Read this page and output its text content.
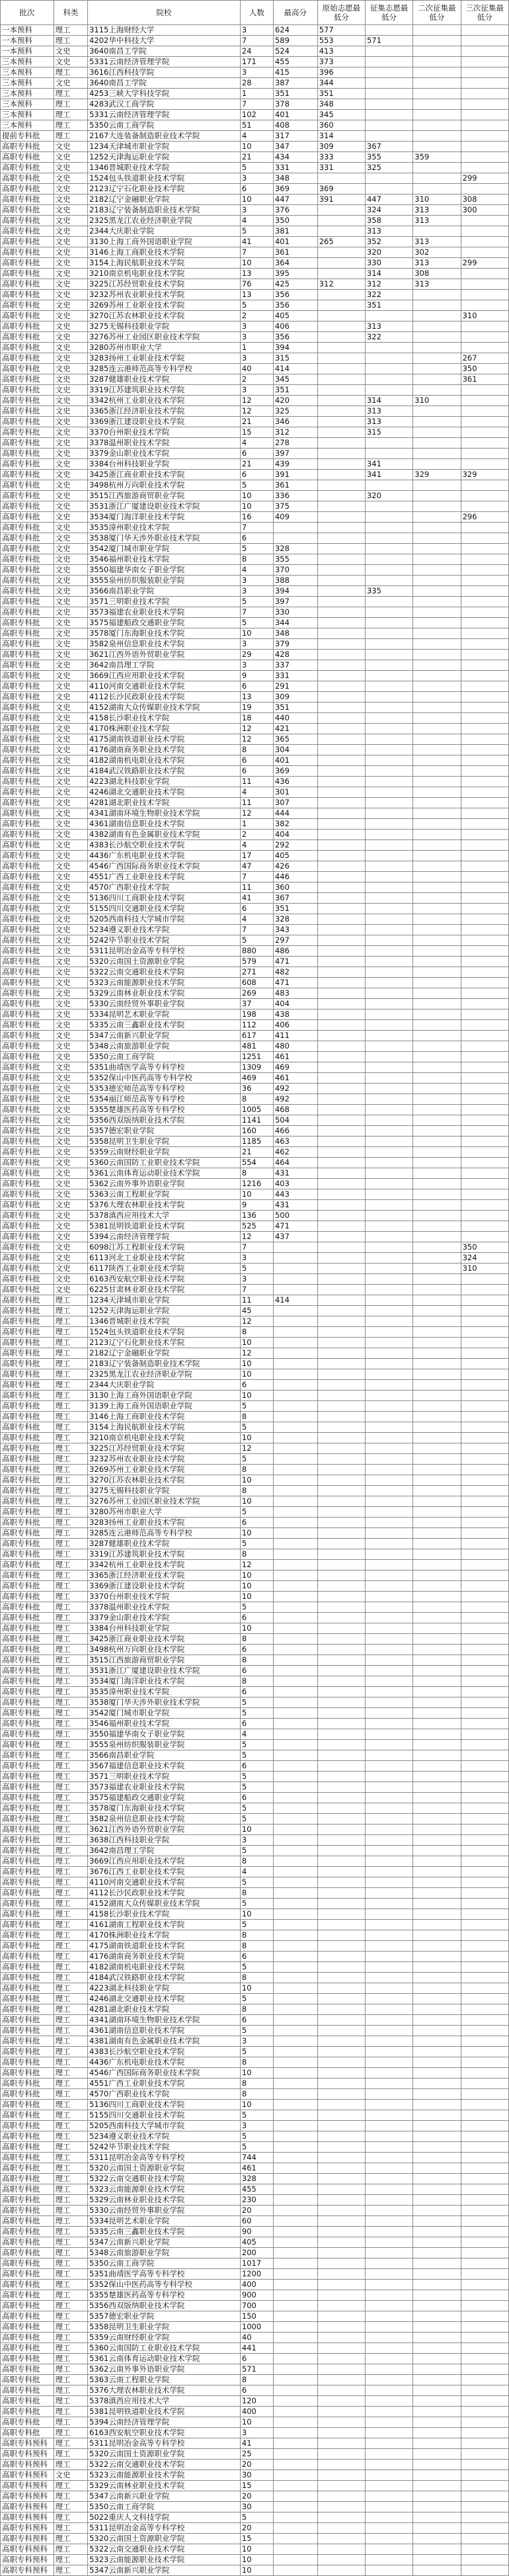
批次	科类	院校	人数	最高分	原始志愿最低分	征集志愿最低分	二次征集最低分	三次征集最低分
一本预科	理工	3115上海财经大学	3	624	577			
一本预科	理工	4202华中科技大学	7	589	553	571		
一本预科	文史	3640南昌工学院	24	524	413			
三本预科	文史	5331云南经济管理学院	171	455	373			
三本预科	理工	3616江西科技学院	3	415	396			
三本预科	文史	3640南昌工学院	28	387	344			
三本预科	理工	4253三峡大学科技学院	1	351	351			
三本预科	理工	4283武汉工商学院	7	378	348			
三本预科	理工	5331云南经济管理学院	102	401	345			
三本预科	理工	5350云南工商学院	51	408	360			
提前专科批	理工	2167大连装备制造职业技术学院	4	317	314			
高职专科批	文史	1234天津城市职业学院	10	347	309	367		
高职专科批	文史	1252天津海运职业学院	21	434	333	355	359	
高职专科批	文史	1346晋城职业技术学院	5	331	331	325		
高职专科批	文史	1524包头铁道职业技术学院	3	348				299
高职专科批	文史	2123辽宁石化职业技术学院	6	369	369			
高职专科批	文史	2182辽宁金融职业学院	10	447	391	447	310	308
高职专科批	文史	2183辽宁装备制造职业技术学院	3	376		324	313	300
高职专科批	文史	2325黑龙江农业经济职业学院	4	350		358	313	
高职专科批	文史	2344大庆职业学院	5	381		313		
高职专科批	文史	3130上海工商外国语职业学院	41	401	265	352	313	
高职专科批	文史	3146上海工商职业技术学院	7	361		320	302	
高职专科批	文史	3154上海民航职业技术学院	10	364		330	313	299
高职专科批	文史	3210南京机电职业技术学院	13	395		314	308	
高职专科批	文史	3225江苏经贸职业技术学院	76	425	312	312	313	
高职专科批	文史	3232苏州农业职业技术学院	13	356		322		
高职专科批	文史	3269苏州工业职业技术学院	5	356		351		
高职专科批	文史	3270江苏农林职业技术学院	2	405				310
高职专科批	文史	3275无锡科技职业学院	3	406		313		
高职专科批	文史	3276苏州工业园区职业技术学院	3	356		322		
高职专科批	文史	3280苏州市职业大学	1	394				
高职专科批	文史	3283扬州工业职业技术学院	3	315				267
高职专科批	文史	3285连云港师范高等专科学校	40	414				350
高职专科批	文史	3287健雄职业技术学院	2	345				361
高职专科批	文史	3319江苏建筑职业技术学院	3	351				
高职专科批	文史	3342杭州工业职业技术学院	12	420		314	310	
高职专科批	文史	3365浙江经济职业技术学院	12	325		313		
高职专科批	文史	3369浙江建设职业技术学院	21	346		313		
高职专科批	文史	3370台州职业技术学院	15	312		315		
高职专科批	文史	3378温州职业技术学院	4	278				
高职专科批	文史	3379金山职业技术学院	6	397				
高职专科批	文史	3384台州科技职业学院	21	439		341		
高职专科批	文史	3425浙江商业职业技术学院	6	391		341	329	329
高职专科批	文史	3498杭州万向职业技术学院	5	361				
高职专科批	文史	3515江西旅游商贸职业学院	10	336		320		
高职专科批	文史	3531浙江广厦建设职业技术学院	10	375				
高职专科批	文史	3534厦门海洋职业技术学院	16	409				296
高职专科批	文史	3535漳州职业技术学院	7					
高职专科批	文史	3538厦门华天涉外职业技术学院	6					
高职专科批	文史	3542厦门城市职业学院	5	328				
高职专科批	文史	3546福州职业技术学院	8	355				
高职专科批	文史	3550福建华南女子职业学院	4	370				
高职专科批	文史	3555泉州纺织服装职业学院	3	388				
高职专科批	文史	3566南昌职业学院	3	394		335		
高职专科批	文史	3571三明职业技术学院	5	397				
高职专科批	文史	3573福建农业职业技术学院	7	330				
高职专科批	文史	3575福建船政交通职业学院	5	344				
高职专科批	文史	3578厦门东海职业技术学院	10	348				
高职专科批	文史	3582泉州信息职业技术学院	3	379				
高职专科批	文史	3621江西外语外贸职业学院	29	428				
高职专科批	文史	3642南昌理工学院	3	337				
高职专科批	文史	3669江西应用职业技术学院	9	331				
高职专科批	文史	4110河南交通职业技术学院	6	291				
高职专科批	文史	4112长沙民政职业技术学院	13	309				
高职专科批	文史	4152湖南大众传媒职业技术学院	19	351				
高职专科批	文史	4158长沙职业技术学院	18	440				
高职专科批	文史	4170株洲职业技术学院	12	421				
高职专科批	文史	4175湖南铁道职业技术学院	12	365				
高职专科批	文史	4176湖南商务职业技术学院	8	304				
高职专科批	文史	4182湖南机电职业技术学院	6	401				
高职专科批	文史	4184武汉铁路职业技术学院	6	369				
高职专科批	文史	4223湖北科技职业学院	11	436				
高职专科批	文史	4246湖北交通职业技术学院	4	301				
高职专科批	文史	4281湖北职业技术学院	11	307				
高职专科批	文史	4341湖南环境生物职业技术学院	12	444				
高职专科批	文史	4361湖南信息职业技术学院	1	382				
高职专科批	文史	4382湖南有色金属职业技术学院	2	404				
高职专科批	文史	4383长沙航空职业技术学院	4	292				
高职专科批	文史	4436广东机电职业技术学院	17	405				
高职专科批	文史	4546广西国际商务职业技术学院	47	426				
高职专科批	文史	4551广西工业职业技术学院	7	446				
高职专科批	文史	4570广西职业技术学院	11	360				
高职专科批	文史	5136四川工商职业技术学院	41	367				
高职专科批	文史	5155四川交通职业技术学院	6	351				
高职专科批	文史	5205西南科技大学城市学院	4	328				
高职专科批	文史	5234遵义职业技术学院	7	343				
高职专科批	文史	5242毕节职业技术学院	5	297				
高职专科批	文史	5311昆明冶金高等专科学校	880	486				
高职专科批	文史	5320云南国土资源职业学院	579	471				
高职专科批	文史	5322云南交通职业技术学院	271	482				
高职专科批	文史	5323云南能源职业技术学院	608	471				
高职专科批	文史	5329云南林业职业技术学院	269	483				
高职专科批	文史	5330云南经贸外事职业学院	37	404				
高职专科批	文史	5334昆明艺术职业学院	198	438				
高职专科批	文史	5335云南三鑫职业技术学院	112	406				
高职专科批	文史	5347云南新兴职业学院	617	411				
高职专科批	文史	5348云南旅游职业学院	481	480				
高职专科批	文史	5350云南工商学院	1251	461				
高职专科批	文史	5351曲靖医学高等专科学校	1309	469				
高职专科批	文史	5352保山中医药高等专科学校	469	461				
高职专科批	文史	5353德宏师范高等专科学校	36	492				
高职专科批	文史	5354丽江师范高等专科学校	8	492				
高职专科批	文史	5355楚雄医药高等专科学校	1005	468				
高职专科批	文史	5356西双版纳职业技术学院	1141	504				
高职专科批	文史	5357德宏职业学院	160	466				
高职专科批	文史	5358昆明卫生职业学院	1185	463				
高职专科批	文史	5359云南财经职业学院	21	462				
高职专科批	文史	5360云南国防工业职业技术学院	554	464				
高职专科批	文史	5361云南体育运动职业技术学院	8	431				
高职专科批	文史	5362云南外事外语职业学院	1216	403				
高职专科批	文史	5363云南工程职业学院	10	443				
高职专科批	文史	5376大理农林职业技术学院	9	431				
高职专科批	文史	5378滇西应用技术大学	136	500				
高职专科批	文史	5381昆明铁道职业技术学院	525	471				
高职专科批	文史	5394云南经济管理学院	12	437				
高职专科批	文史	6098江苏工程职业技术学院	7					350
高职专科批	文史	6113河北工业职业技术学院	3					324
高职专科批	文史	6117陕西工业职业技术学院	5					310
高职专科批	文史	6163西安航空职业技术学院	3					
高职专科批	文史	6225甘肃林业职业技术学院	7					
高职专科批	理工	1234天津城市职业学院	11	414				
高职专科批	理工	1252天津海运职业学院	45					
高职专科批	理工	1346晋城职业技术学院	12					
高职专科批	理工	1524包头铁道职业技术学院	8					
高职专科批	理工	2123辽宁石化职业技术学院	10					
高职专科批	理工	2182辽宁金融职业学院	12					
高职专科批	理工	2183辽宁装备制造职业技术学院	10					
高职专科批	理工	2325黑龙江农业经济职业学院	10					
高职专科批	理工	2344大庆职业学院	6					
高职专科批	理工	3130上海工商外国语职业学院	10					
高职专科批	理工	3139上海工商外国语职业学院	5					
高职专科批	理工	3146上海工商职业技术学院	8					
高职专科批	理工	3154上海民航职业技术学院	5					
高职专科批	理工	3210南京机电职业技术学院	10					
高职专科批	理工	3225江苏经贸职业技术学院	12					
高职专科批	理工	3232苏州农业职业技术学院	5					
高职专科批	理工	3269苏州工业职业技术学院	8					
高职专科批	理工	3270江苏农林职业技术学院	10					
高职专科批	理工	3275无锡科技职业学院	8					
高职专科批	理工	3276苏州工业园区职业技术学院	10					
高职专科批	理工	3280苏州市职业大学	5					
高职专科批	理工	3283扬州工业职业技术学院	6					
高职专科批	理工	3285连云港师范高等专科学校	10					
高职专科批	理工	3287健雄职业技术学院	5					
高职专科批	理工	3319江苏建筑职业技术学院	8					
高职专科批	理工	3342杭州工业职业技术学院	12					
高职专科批	理工	3365浙江经济职业技术学院	10					
高职专科批	理工	3369浙江建设职业技术学院	10					
高职专科批	理工	3370台州职业技术学院	10					
高职专科批	理工	3378温州职业技术学院	5					
高职专科批	理工	3379金山职业技术学院	6					
高职专科批	理工	3384台州科技职业学院	10					
高职专科批	理工	3425浙江商业职业技术学院	8					
高职专科批	理工	3498杭州万向职业技术学院	6					
高职专科批	理工	3515江西旅游商贸职业学院	8					
高职专科批	理工	3531浙江广厦建设职业技术学院	6					
高职专科批	理工	3534厦门海洋职业技术学院	8					
高职专科批	理工	3535漳州职业技术学院	6					
高职专科批	理工	3538厦门华天涉外职业技术学院	5					
高职专科批	理工	3542厦门城市职业学院	5					
高职专科批	理工	3546福州职业技术学院	6					
高职专科批	理工	3550福建华南女子职业学院	4					
高职专科批	理工	3555泉州纺织服装职业学院	5					
高职专科批	理工	3566南昌职业学院	5					
高职专科批	理工	3567福建信息职业技术学院	6					
高职专科批	理工	3571三明职业技术学院	5					
高职专科批	理工	3573福建农业职业技术学院	5					
高职专科批	理工	3575福建船政交通职业学院	6					
高职专科批	理工	3578厦门东海职业技术学院	5					
高职专科批	理工	3582泉州信息职业技术学院	5					
高职专科批	理工	3621江西外语外贸职业学院	10					
高职专科批	理工	3638江西科技职业学院	3					
高职专科批	理工	3642南昌理工学院	5					
高职专科批	理工	3669江西应用职业技术学院	8					
高职专科批	理工	3676江西工业职业技术学院	4					
高职专科批	理工	4110河南交通职业技术学院	5					
高职专科批	理工	4112长沙民政职业技术学院	8					
高职专科批	理工	4152湖南大众传媒职业技术学院	5					
高职专科批	理工	4158长沙职业技术学院	10					
高职专科批	理工	4161湖南工程职业技术学院	5					
高职专科批	理工	4170株洲职业技术学院	8					
高职专科批	理工	4175湖南铁道职业技术学院	8					
高职专科批	理工	4176湖南商务职业技术学院	6					
高职专科批	理工	4182湖南机电职业技术学院	5					
高职专科批	理工	4184武汉铁路职业技术学院	8					
高职专科批	理工	4223湖北科技职业学院	10					
高职专科批	理工	4246湖北交通职业技术学院	5					
高职专科批	理工	4281湖北职业技术学院	8					
高职专科批	理工	4341湖南环境生物职业技术学院	6					
高职专科批	理工	4361湖南信息职业技术学院	5					
高职专科批	理工	4381湖南有色金属职业技术学院	3					
高职专科批	理工	4383长沙航空职业技术学院	5					
高职专科批	理工	4436广东机电职业技术学院	8					
高职专科批	理工	4546广西国际商务职业技术学院	10					
高职专科批	理工	4551广西工业职业技术学院	8					
高职专科批	理工	4570广西职业技术学院	8					
高职专科批	理工	5136四川工商职业技术学院	10					
高职专科批	理工	5155四川交通职业技术学院	5					
高职专科批	理工	5205西南科技大学城市学院	3					
高职专科批	理工	5234遵义职业技术学院	5					
高职专科批	理工	5242毕节职业技术学院	5					
高职专科批	理工	5311昆明冶金高等专科学校	744					
高职专科批	理工	5320云南国土资源职业学院	461					
高职专科批	理工	5322云南交通职业技术学院	328					
高职专科批	理工	5323云南能源职业技术学院	455					
高职专科批	理工	5329云南林业职业技术学院	230					
高职专科批	理工	5330云南经贸外事职业学院	20					
高职专科批	理工	5334昆明艺术职业学院	60					
高职专科批	理工	5335云南三鑫职业技术学院	90					
高职专科批	理工	5347云南新兴职业学院	405					
高职专科批	理工	5348云南旅游职业学院	200					
高职专科批	理工	5350云南工商学院	1017					
高职专科批	理工	5351曲靖医学高等专科学校	1200					
高职专科批	理工	5352保山中医药高等专科学校	400					
高职专科批	理工	5355楚雄医药高等专科学校	900					
高职专科批	理工	5356西双版纳职业技术学院	700					
高职专科批	理工	5357德宏职业学院	150					
高职专科批	理工	5358昆明卫生职业学院	1000					
高职专科批	理工	5359云南财经职业学院	40					
高职专科批	理工	5360云南国防工业职业技术学院	441					
高职专科批	理工	5361云南体育运动职业技术学院	6					
高职专科批	理工	5362云南外事外语职业学院	571					
高职专科批	理工	5363云南工程职业学院	8					
高职专科批	理工	5376大理农林职业技术学院	6					
高职专科批	理工	5378滇西应用技术大学	120					
高职专科批	理工	5381昆明铁道职业技术学院	400					
高职专科批	理工	5394云南经济管理学院	10					
高职专科批	理工	6163西安航空职业技术学院	3					
高职专科预科	理工	5311昆明冶金高等专科学校	41					
高职专科预科	理工	5320云南国土资源职业学院	25					
高职专科预科	理工	5322云南交通职业技术学院	20					
高职专科预科	文史	5323云南能源职业技术学院	30					
高职专科预科	理工	5329云南林业职业技术学院	15					
高职专科预科	理工	5347云南新兴职业学院	20					
高职专科预科	理工	5350云南工商学院	30					
高职专科预科	理工	5022重庆人文科技学院	5					
高职专科预科	理工	5311昆明冶金高等专科学校	20					
高职专科预科	理工	5320云南国土资源职业学院	15					
高职专科预科	理工	5322云南交通职业技术学院	10					
高职专科预科	理工	5323云南能源职业技术学院	10					
高职专科预科	理工	5347云南新兴职业学院	10					
